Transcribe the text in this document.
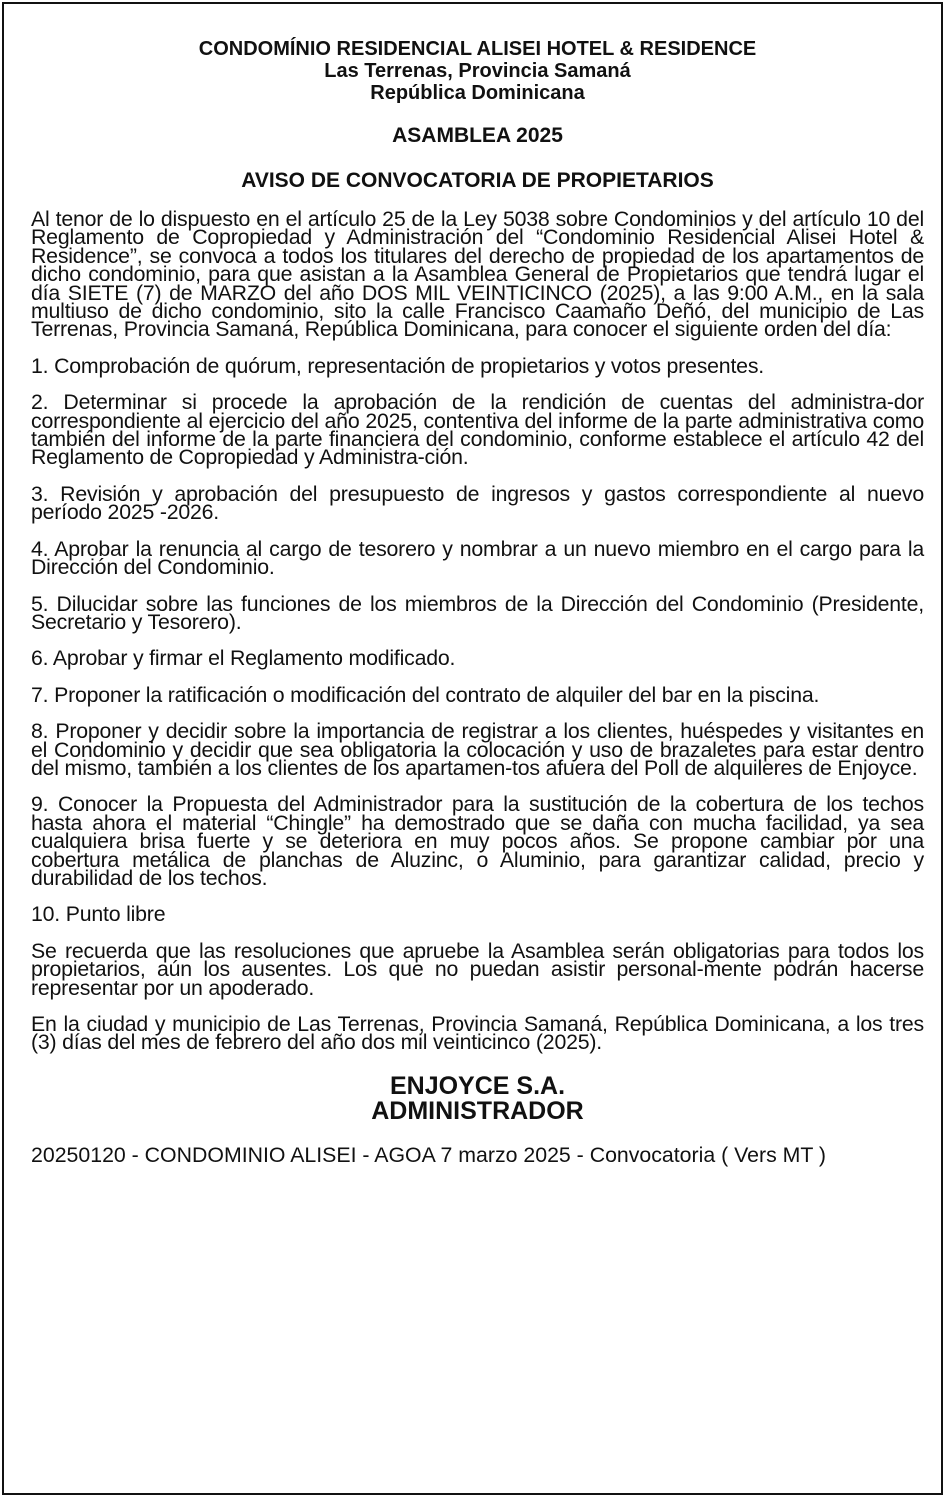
CONDOMÍNIO RESIDENCIAL ALISEI HOTEL & RESIDENCE

Las Terrenas, Provincia Samaná

República Dominicana

ASAMBLEA 2025

AVISO DE CONVOCATORIA DE PROPIETARIOS

Al tenor de lo dispuesto en el artículo 25 de la Ley 5038 sobre Condominios y del artículo 10 del Reglamento de Copropiedad y Administración del “Condominio Residencial Alisei Hotel & Residence”, se convoca a todos los titulares del derecho de propiedad de los apartamentos de dicho condominio, para que asistan a la Asamblea General de Propietarios que tendrá lugar el día SIETE (7) de MARZO del año DOS MIL VEINTICINCO (2025), a las 9:00 A.M., en la sala multiuso de dicho condominio, sito la calle Francisco Caamaño Deñó, del municipio de Las Terrenas, Provincia Samaná, República Dominicana, para conocer el siguiente orden del día:

1. Comprobación de quórum, representación de propietarios y votos presentes.

2. Determinar si procede la aprobación de la rendición de cuentas del administra-dor correspondiente al ejercicio del año 2025, contentiva del informe de la parte administrativa como también del informe de la parte financiera del condominio, conforme establece el artículo 42 del Reglamento de Copropiedad y Administra-ción.

3. Revisión y aprobación del presupuesto de ingresos y gastos correspondiente al nuevo período 2025 -2026.

4. Aprobar la renuncia al cargo de tesorero y nombrar a un nuevo miembro en el cargo para la Dirección del Condominio.

5. Dilucidar sobre las funciones de los miembros de la Dirección del Condominio (Presidente, Secretario y Tesorero).

6. Aprobar y firmar el Reglamento modificado.

7. Proponer la ratificación o modificación del contrato de alquiler del bar en la piscina.

8. Proponer y decidir sobre la importancia de registrar a los clientes, huéspedes y visitantes en el Condominio y decidir que sea obligatoria la colocación y uso de brazaletes para estar dentro del mismo, también a los clientes de los apartamen-tos afuera del Poll de alquileres de Enjoyce.

9. Conocer la Propuesta del Administrador para la sustitución de la cobertura de los techos hasta ahora el material “Chingle” ha demostrado que se daña con mucha facilidad, ya sea cualquiera brisa fuerte y se deteriora en muy pocos años. Se propone cambiar por una cobertura metálica de planchas de Aluzinc, o Aluminio, para garantizar calidad, precio y durabilidad de los techos.

10. Punto libre

Se recuerda que las resoluciones que apruebe la Asamblea serán obligatorias para todos los propietarios, aún los ausentes. Los que no puedan asistir personal-mente podrán hacerse representar por un apoderado.

En la ciudad y municipio de Las Terrenas, Provincia Samaná, República Dominicana, a los tres (3) días del mes de febrero del año dos mil veinticinco (2025).

ENJOYCE S.A.

ADMINISTRADOR

20250120 - CONDOMINIO ALISEI - AGOA 7 marzo 2025 - Convocatoria ( Vers MT )
